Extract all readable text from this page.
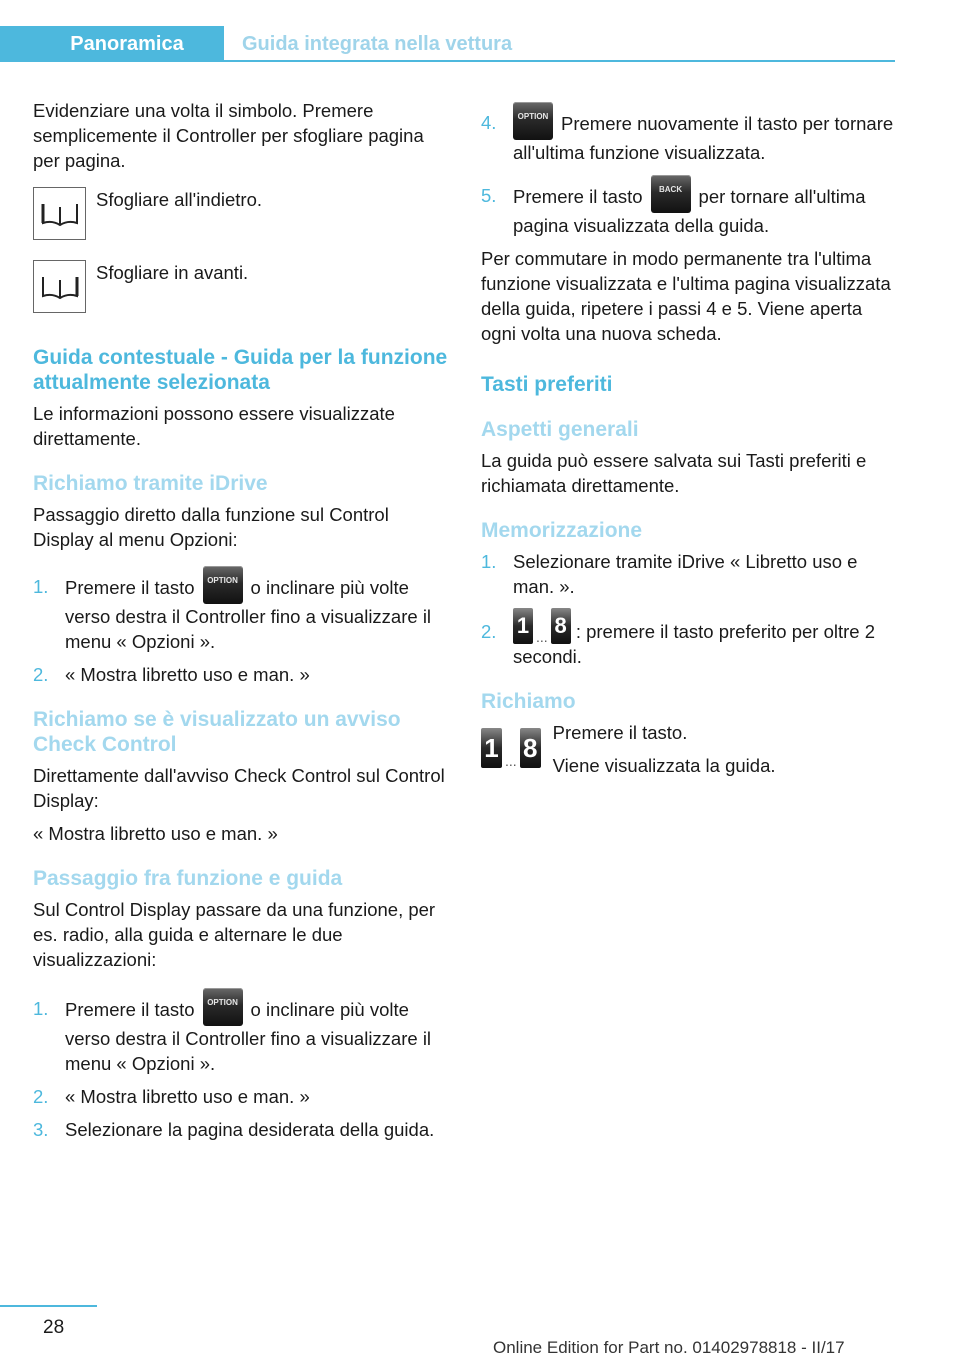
Panoramica	Guida integrata nella vettura

Evidenziare una volta il simbolo. Premere semplicemente il Controller per sfogliare pagina per pagina.

Sfogliare all'indietro.
Sfogliare in avanti.
Guida contestuale - Guida per la funzione attualmente selezionata

Le informazioni possono essere visualizzate direttamente.

Richiamo tramite iDrive

Passaggio diretto dalla funzione sul Control Display al menu Opzioni:

1. Premere il tasto OPTION o inclinare più volte verso destra il Controller fino a visualizzare il menu « Opzioni ».
2. « Mostra libretto uso e man. »
Richiamo se è visualizzato un avviso Check Control

Direttamente dall'avviso Check Control sul Control Display:

« Mostra libretto uso e man. »

Passaggio fra funzione e guida

Sul Control Display passare da una funzione, per es. radio, alla guida e alternare le due visualizzazioni:

1. Premere il tasto OPTION o inclinare più volte verso destra il Controller fino a visualizzare il menu « Opzioni ».
2. « Mostra libretto uso e man. »
3. Selezionare la pagina desiderata della guida.
4.	OPTION Premere nuovamente il tasto per tornare all'ultima funzione visualizzata.
5. Premere il tasto BACK per tornare all'ultima pagina visualizzata della guida.

Per commutare in modo permanente tra l'ultima funzione visualizzata e l'ultima pagina visualizzata della guida, ripetere i passi 4 e 5. Viene aperta ogni volta una nuova scheda.

Tasti preferiti
Aspetti generali

La guida può essere salvata sui Tasti preferiti e richiamata direttamente.

Memorizzazione
1. Selezionare tramite iDrive « Libretto uso e man. ».
2. 1 ... 8 : premere il tasto preferito per oltre 2 secondi.
Richiamo
1 ... 8

Premere il tasto.

Viene visualizzata la guida.

28
Online Edition for Part no. 01402978818 - II/17
